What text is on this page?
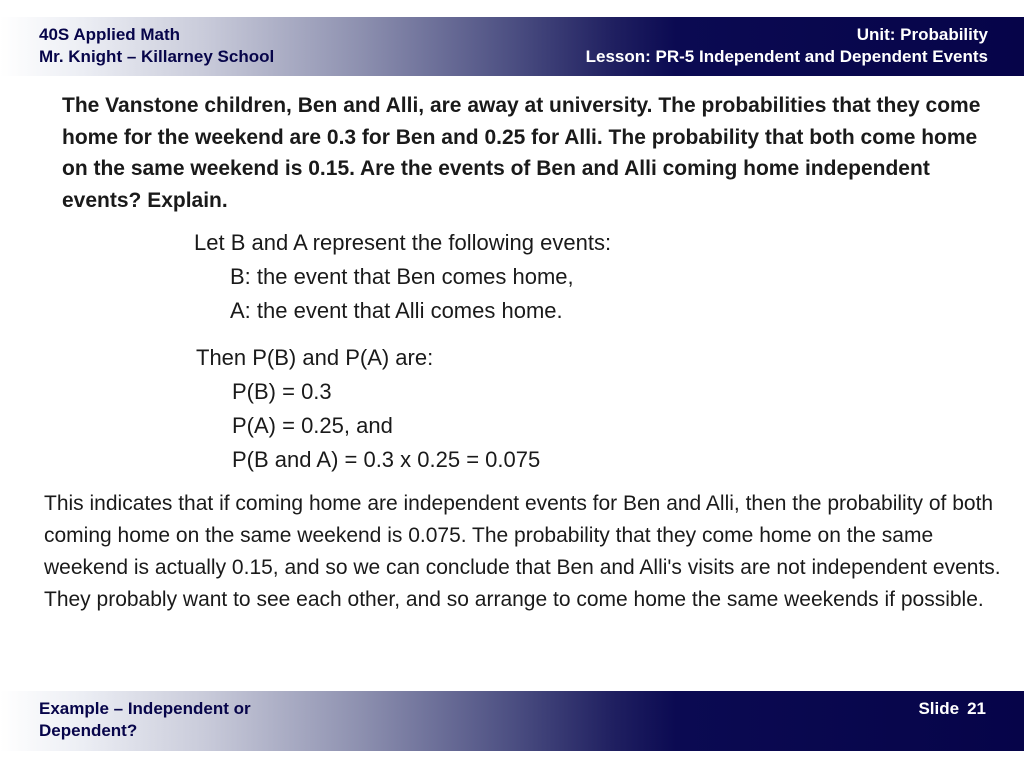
40S Applied Math
Mr. Knight – Killarney School
Unit: Probability
Lesson: PR-5 Independent and Dependent Events
The Vanstone children, Ben and Alli, are away at university. The probabilities that they come home for the weekend are 0.3 for Ben and 0.25 for Alli. The probability that both come home on the same weekend is 0.15. Are the events of Ben and Alli coming home independent events? Explain.
Let B and A represent the following events:
B: the event that Ben comes home,
A: the event that Alli comes home.
Then P(B) and P(A) are:
P(B) = 0.3
P(A) = 0.25, and
P(B and A) = 0.3 x 0.25 = 0.075
This indicates that if coming home are independent events for Ben and Alli, then the probability of both coming home on the same weekend is 0.075. The probability that they come home on the same weekend is actually 0.15, and so we can conclude that Ben and Alli's visits are not independent events. They probably want to see each other, and so arrange to come home the same weekends if possible.
Example – Independent or Dependent?
Slide 21
